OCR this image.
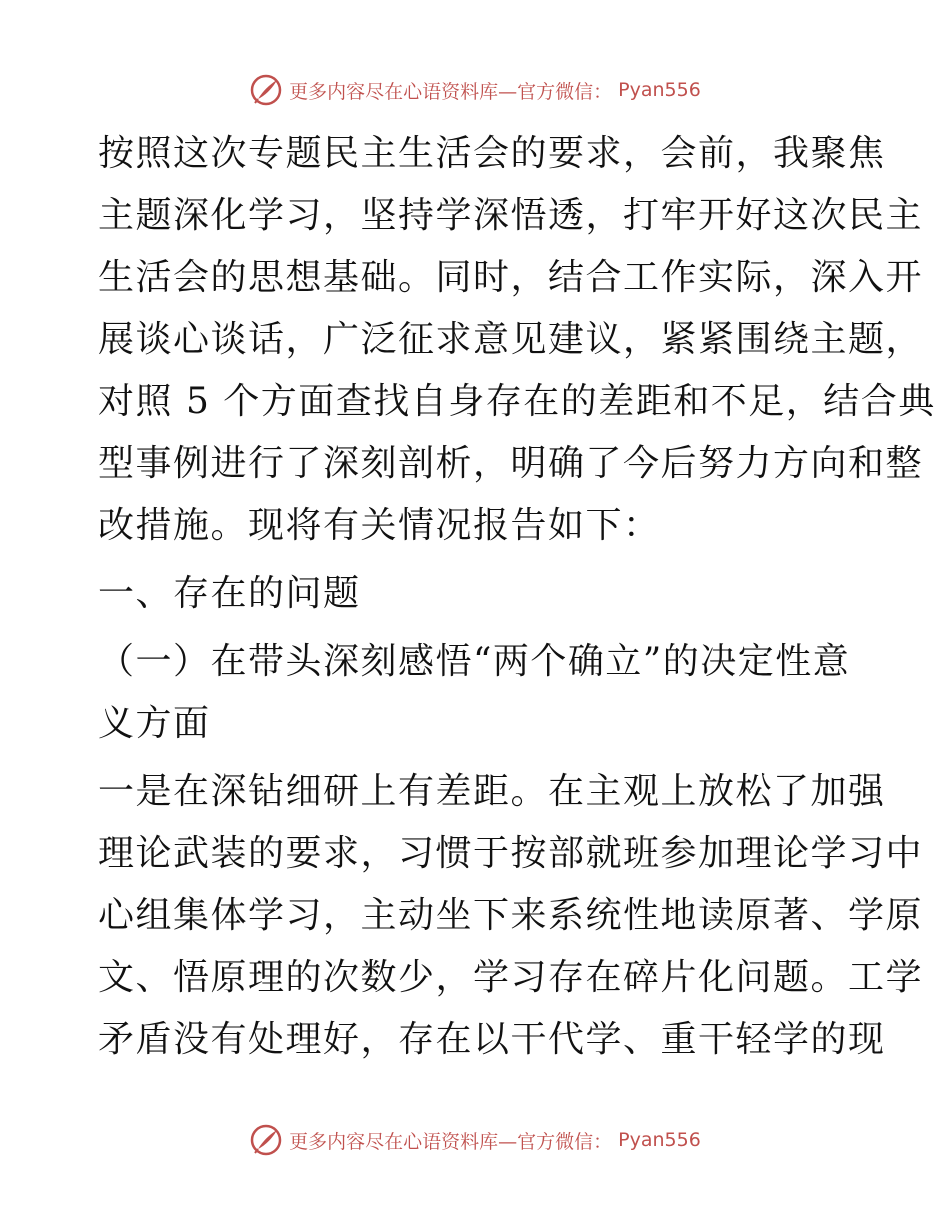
更多内容尽在心语资料库—官方微信： Pyan556

按照这次专题民主生活会的要求，会前，我聚焦

主题深化学习，坚持学深悟透，打牢开好这次民主

生活会的思想基础。同时，结合工作实际，深入开

展谈心谈话，广泛征求意见建议，紧紧围绕主题，

对照 5 个方面查找自身存在的差距和不足，结合典

型事例进行了深刻剖析，明确了今后努力方向和整

改措施。现将有关情况报告如下：

一、存在的问题

（一）在带头深刻感悟“两个确立”的决定性意

义方面

一是在深钻细研上有差距。在主观上放松了加强

理论武装的要求，习惯于按部就班参加理论学习中

心组集体学习，主动坐下来系统性地读原著、学原

文、悟原理的次数少，学习存在碎片化问题。工学

矛盾没有处理好，存在以干代学、重干轻学的现

更多内容尽在心语资料库—官方微信： Pyan556
